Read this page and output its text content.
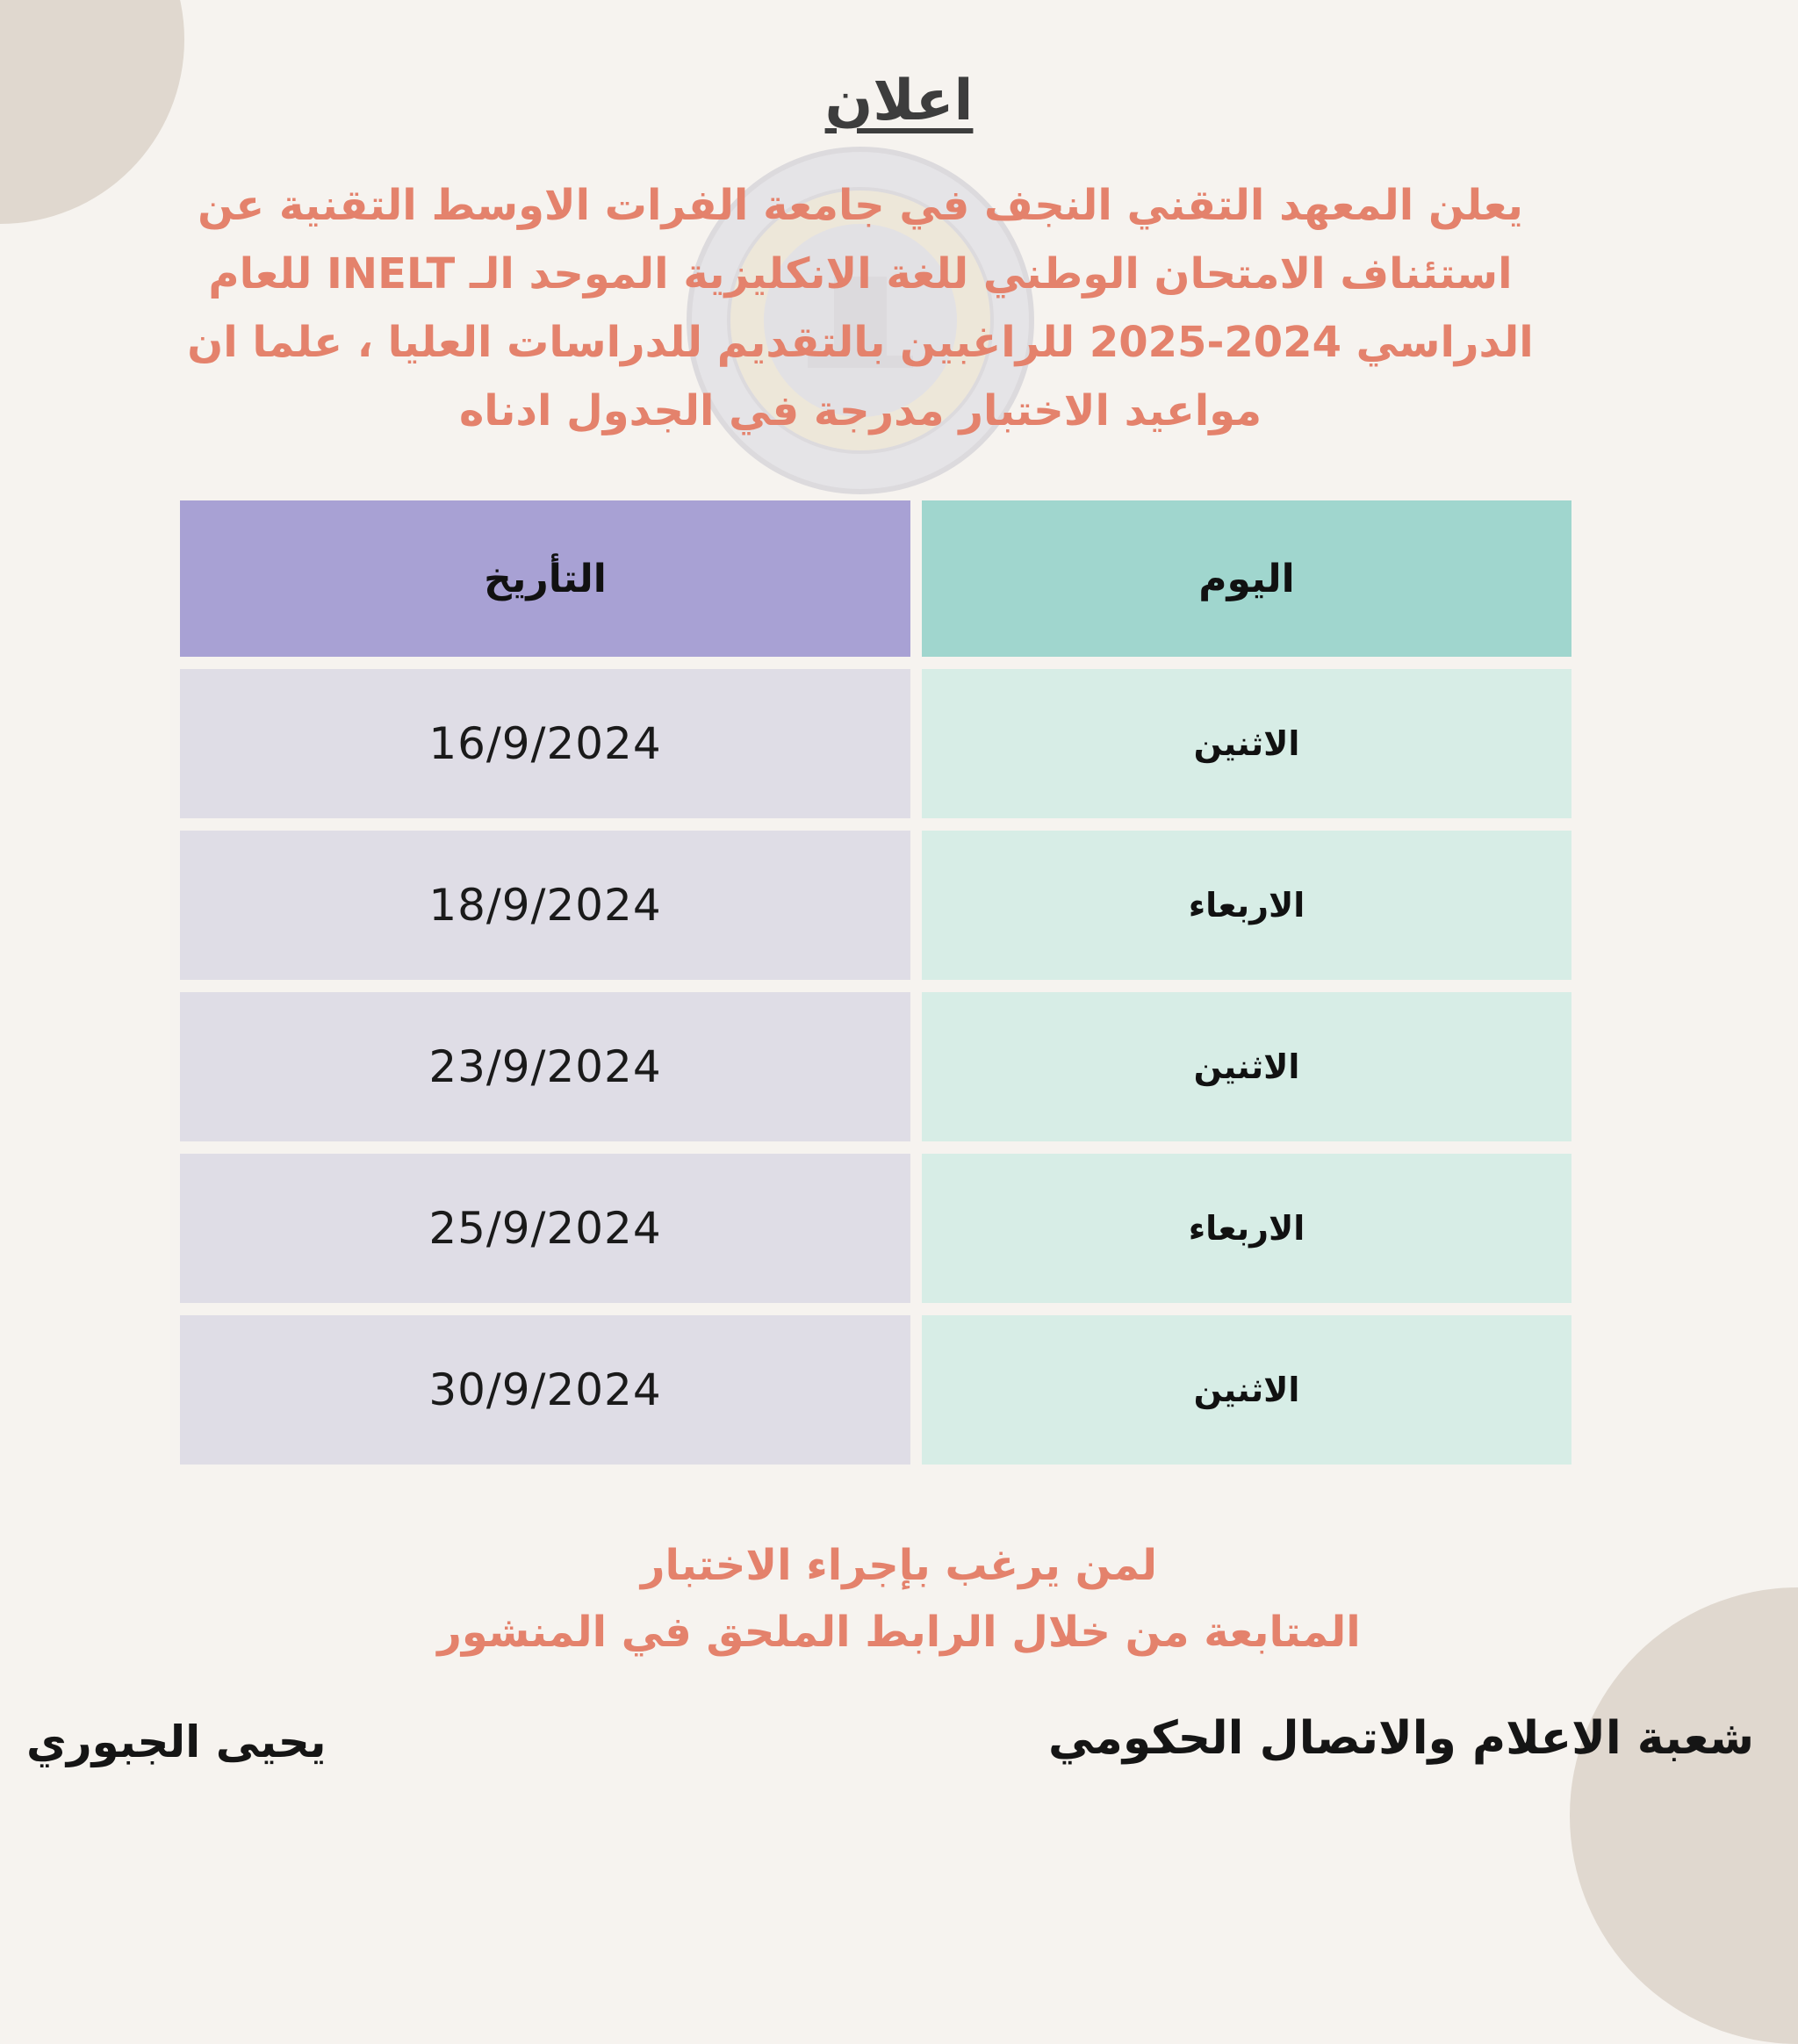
اعلان
يعلن المعهد التقني النجف في جامعة الفرات الاوسط التقنية عن استئناف الامتحان الوطني للغة الانكليزية الموحد الـ INELT للعام الدراسي 2024-2025 للراغبين بالتقديم للدراسات العليا ، علما ان مواعيد الاختبار مدرجة في الجدول ادناه
التأريخ	اليوم
16/9/2024	الاثنين
18/9/2024	الاربعاء
23/9/2024	الاثنين
25/9/2024	الاربعاء
30/9/2024	الاثنين
لمن يرغب بإجراء الاختبار
المتابعة من خلال الرابط الملحق في المنشور
يحيى الجبوري	شعبة الاعلام والاتصال الحكومي
